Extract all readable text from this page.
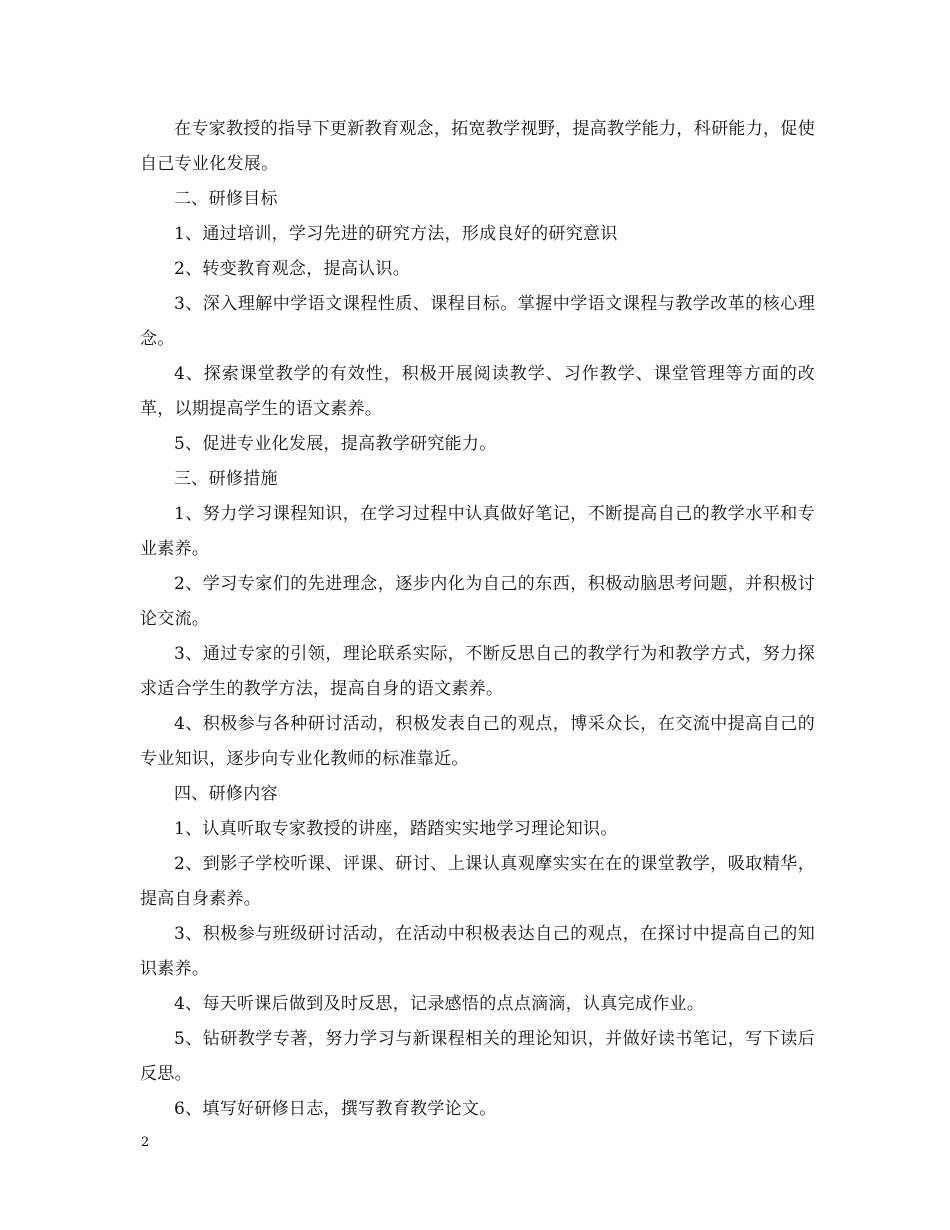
在专家教授的指导下更新教育观念，拓宽教学视野，提高教学能力，科研能力，促使自己专业化发展。

二、研修目标

1、通过培训，学习先进的研究方法，形成良好的研究意识

2、转变教育观念，提高认识。

3、深入理解中学语文课程性质、课程目标。掌握中学语文课程与教学改革的核心理念。

4、探索课堂教学的有效性，积极开展阅读教学、习作教学、课堂管理等方面的改革，以期提高学生的语文素养。

5、促进专业化发展，提高教学研究能力。

三、研修措施

1、努力学习课程知识，在学习过程中认真做好笔记，不断提高自己的教学水平和专业素养。

2、学习专家们的先进理念，逐步内化为自己的东西，积极动脑思考问题，并积极讨论交流。

3、通过专家的引领，理论联系实际，不断反思自己的教学行为和教学方式，努力探求适合学生的教学方法，提高自身的语文素养。

4、积极参与各种研讨活动，积极发表自己的观点，博采众长，在交流中提高自己的专业知识，逐步向专业化教师的标准靠近。

四、研修内容

1、认真听取专家教授的讲座，踏踏实实地学习理论知识。

2、到影子学校听课、评课、研讨、上课认真观摩实实在在的课堂教学，吸取精华，提高自身素养。

3、积极参与班级研讨活动，在活动中积极表达自己的观点，在探讨中提高自己的知识素养。

4、每天听课后做到及时反思，记录感悟的点点滴滴，认真完成作业。

5、钻研教学专著，努力学习与新课程相关的理论知识，并做好读书笔记，写下读后反思。

6、填写好研修日志，撰写教育教学论文。

2
